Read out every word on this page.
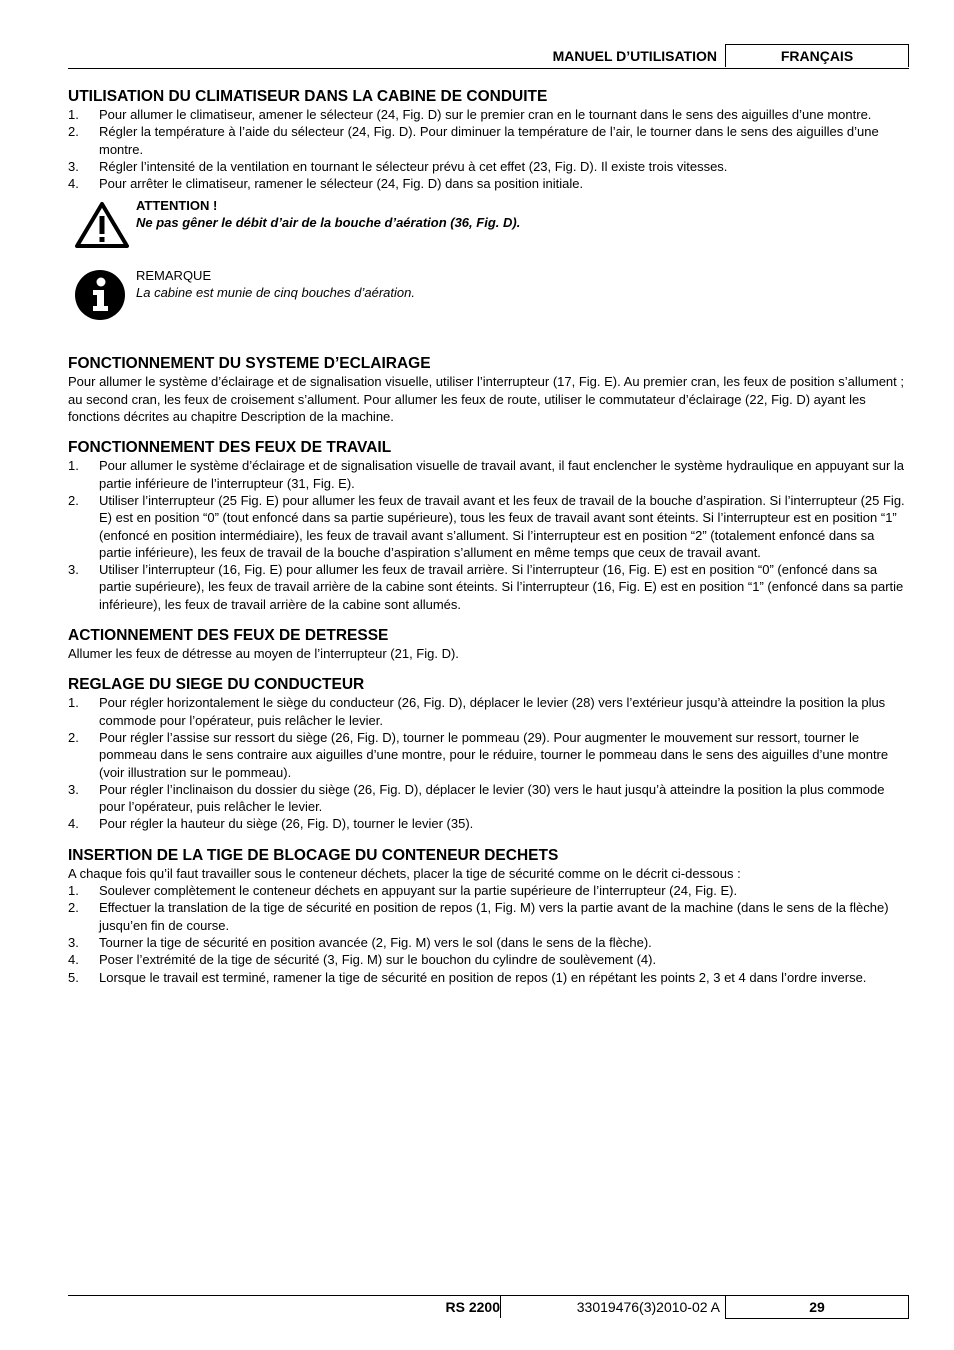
MANUEL D’UTILISATION	FRANÇAIS
UTILISATION DU CLIMATISEUR DANS LA CABINE DE CONDUITE
1. Pour allumer le climatiseur, amener le sélecteur (24, Fig. D) sur le premier cran en le tournant dans le sens des aiguilles d’une montre.
2. Régler la température à l’aide du sélecteur (24, Fig. D). Pour diminuer la température de l’air, le tourner dans le sens des aiguilles d’une montre.
3. Régler l’intensité de la ventilation en tournant le sélecteur prévu à cet effet (23, Fig. D). Il existe trois vitesses.
4. Pour arrêter le climatiseur, ramener le sélecteur (24, Fig. D) dans sa position initiale.
ATTENTION !
Ne pas gêner le débit d’air de la bouche d’aération (36, Fig. D).
REMARQUE
La cabine est munie de cinq bouches d’aération.
FONCTIONNEMENT DU SYSTEME D’ECLAIRAGE

Pour allumer le système d’éclairage et de signalisation visuelle, utiliser l’interrupteur (17, Fig. E). Au premier cran, les feux de position s’allument ; au second cran, les feux de croisement s’allument. Pour allumer les feux de route, utiliser le commutateur d’éclairage (22, Fig. D) ayant les fonctions décrites au chapitre Description de la machine.

FONCTIONNEMENT DES FEUX DE TRAVAIL
1. Pour allumer le système d’éclairage et de signalisation visuelle de travail avant, il faut enclencher le système hydraulique en appuyant sur la partie inférieure de l’interrupteur (31, Fig. E).
2. Utiliser l’interrupteur (25 Fig. E) pour allumer les feux de travail avant et les feux de travail de la bouche d’aspiration. Si l’interrupteur (25 Fig. E) est en position “0” (tout enfoncé dans sa partie supérieure), tous les feux de travail avant sont éteints. Si l’interrupteur est en position “1” (enfoncé en position intermédiaire), les feux de travail avant s’allument. Si l’interrupteur est en position “2” (totalement enfoncé dans sa partie inférieure), les feux de travail de la bouche d’aspiration s’allument en même temps que ceux de travail avant.
3. Utiliser l’interrupteur (16, Fig. E) pour allumer les feux de travail arrière. Si l’interrupteur (16, Fig. E) est en position “0” (enfoncé dans sa partie supérieure), les feux de travail arrière de la cabine sont éteints. Si l’interrupteur (16, Fig. E) est en position “1” (enfoncé dans sa partie inférieure), les feux de travail arrière de la cabine sont allumés.
ACTIONNEMENT DES FEUX DE DETRESSE

Allumer les feux de détresse au moyen de l’interrupteur (21, Fig. D).

REGLAGE DU SIEGE DU CONDUCTEUR
1. Pour régler horizontalement le siège du conducteur (26, Fig. D), déplacer le levier (28) vers l’extérieur jusqu’à atteindre la position la plus commode pour l’opérateur, puis relâcher le levier.
2. Pour régler l’assise sur ressort du siège (26, Fig. D), tourner le pommeau (29). Pour augmenter le mouvement sur ressort, tourner le pommeau dans le sens contraire aux aiguilles d’une montre, pour le réduire, tourner le pommeau dans le sens des aiguilles d’une montre (voir illustration sur le pommeau).
3. Pour régler l’inclinaison du dossier du siège (26, Fig. D), déplacer le levier (30) vers le haut jusqu’à atteindre la position la plus commode pour l’opérateur, puis relâcher le levier.
4. Pour régler la hauteur du siège (26, Fig. D), tourner le levier (35).
INSERTION DE LA TIGE DE BLOCAGE DU CONTENEUR DECHETS

A chaque fois qu’il faut travailler sous le conteneur déchets, placer la tige de sécurité comme on le décrit ci-dessous :

1. Soulever complètement le conteneur déchets en appuyant sur la partie supérieure de l’interrupteur (24, Fig. E).
2. Effectuer la translation de la tige de sécurité en position de repos (1, Fig. M) vers la partie avant de la machine (dans le sens de la flèche) jusqu’en fin de course.
3. Tourner la tige de sécurité en position avancée (2, Fig. M) vers le sol (dans le sens de la flèche).
4. Poser l’extrémité de la tige de sécurité (3, Fig. M) sur le bouchon du cylindre de soulèvement (4).
5. Lorsque le travail est terminé, ramener la tige de sécurité en position de repos (1) en répétant les points 2, 3 et 4 dans l’ordre inverse.
RS 2200	33019476(3)2010-02 A	29
